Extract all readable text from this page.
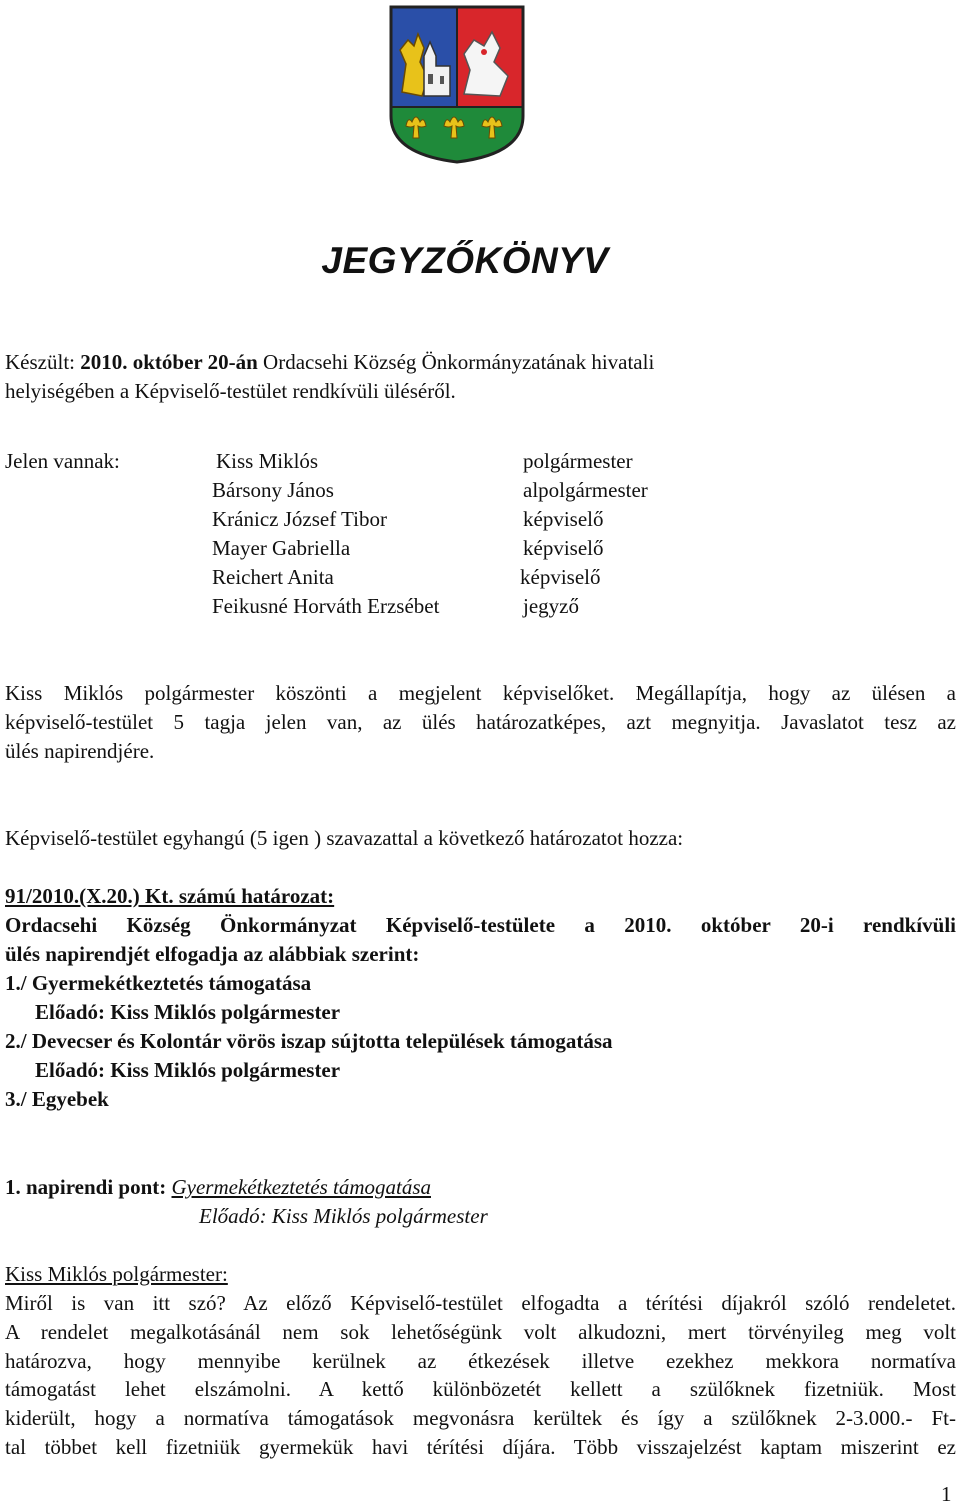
JEGYZŐKÖNYV
Készült: 2010. október 20-án Ordacsehi Község Önkormányzatának hivatali
helyiségében a Képviselő-testület rendkívüli üléséről.
Jelen vannak:	Kiss Miklós	polgármester
Bársony János	alpolgármester
Kránicz József Tibor	képviselő
Mayer Gabriella	képviselő
Reichert Anita	képviselő
Feikusné Horváth Erzsébet	jegyző
Kiss Miklós polgármester köszönti a megjelent képviselőket. Megállapítja, hogy az ülésen a
képviselő-testület 5 tagja jelen van, az ülés határozatképes, azt megnyitja. Javaslatot tesz az
ülés napirendjére.
Képviselő-testület egyhangú (5 igen ) szavazattal a következő határozatot hozza:
91/2010.(X.20.) Kt. számú határozat:
Ordacsehi Község Önkormányzat Képviselő-testülete a 2010. október 20-i rendkívüli
ülés napirendjét elfogadja az alábbiak szerint:
1./ Gyermekétkeztetés támogatása
Előadó: Kiss Miklós polgármester
2./ Devecser és Kolontár vörös iszap sújtotta települések támogatása
Előadó: Kiss Miklós polgármester
3./ Egyebek
1. napirendi pont: Gyermekétkeztetés támogatása
Előadó: Kiss Miklós polgármester
Kiss Miklós polgármester:
Miről is van itt szó? Az előző Képviselő-testület elfogadta a térítési díjakról szóló rendeletet.
A rendelet megalkotásánál nem sok lehetőségünk volt alkudozni, mert törvényileg meg volt
határozva, hogy mennyibe kerülnek az étkezések illetve ezekhez mekkora normatíva
támogatást lehet elszámolni. A kettő különbözetét kellett a szülőknek fizetniük. Most
kiderült, hogy a normatíva támogatások megvonásra kerültek és így a szülőknek 2-3.000.- Ft-
tal többet kell fizetniük gyermekük havi térítési díjára. Több visszajelzést kaptam miszerint ez
1
